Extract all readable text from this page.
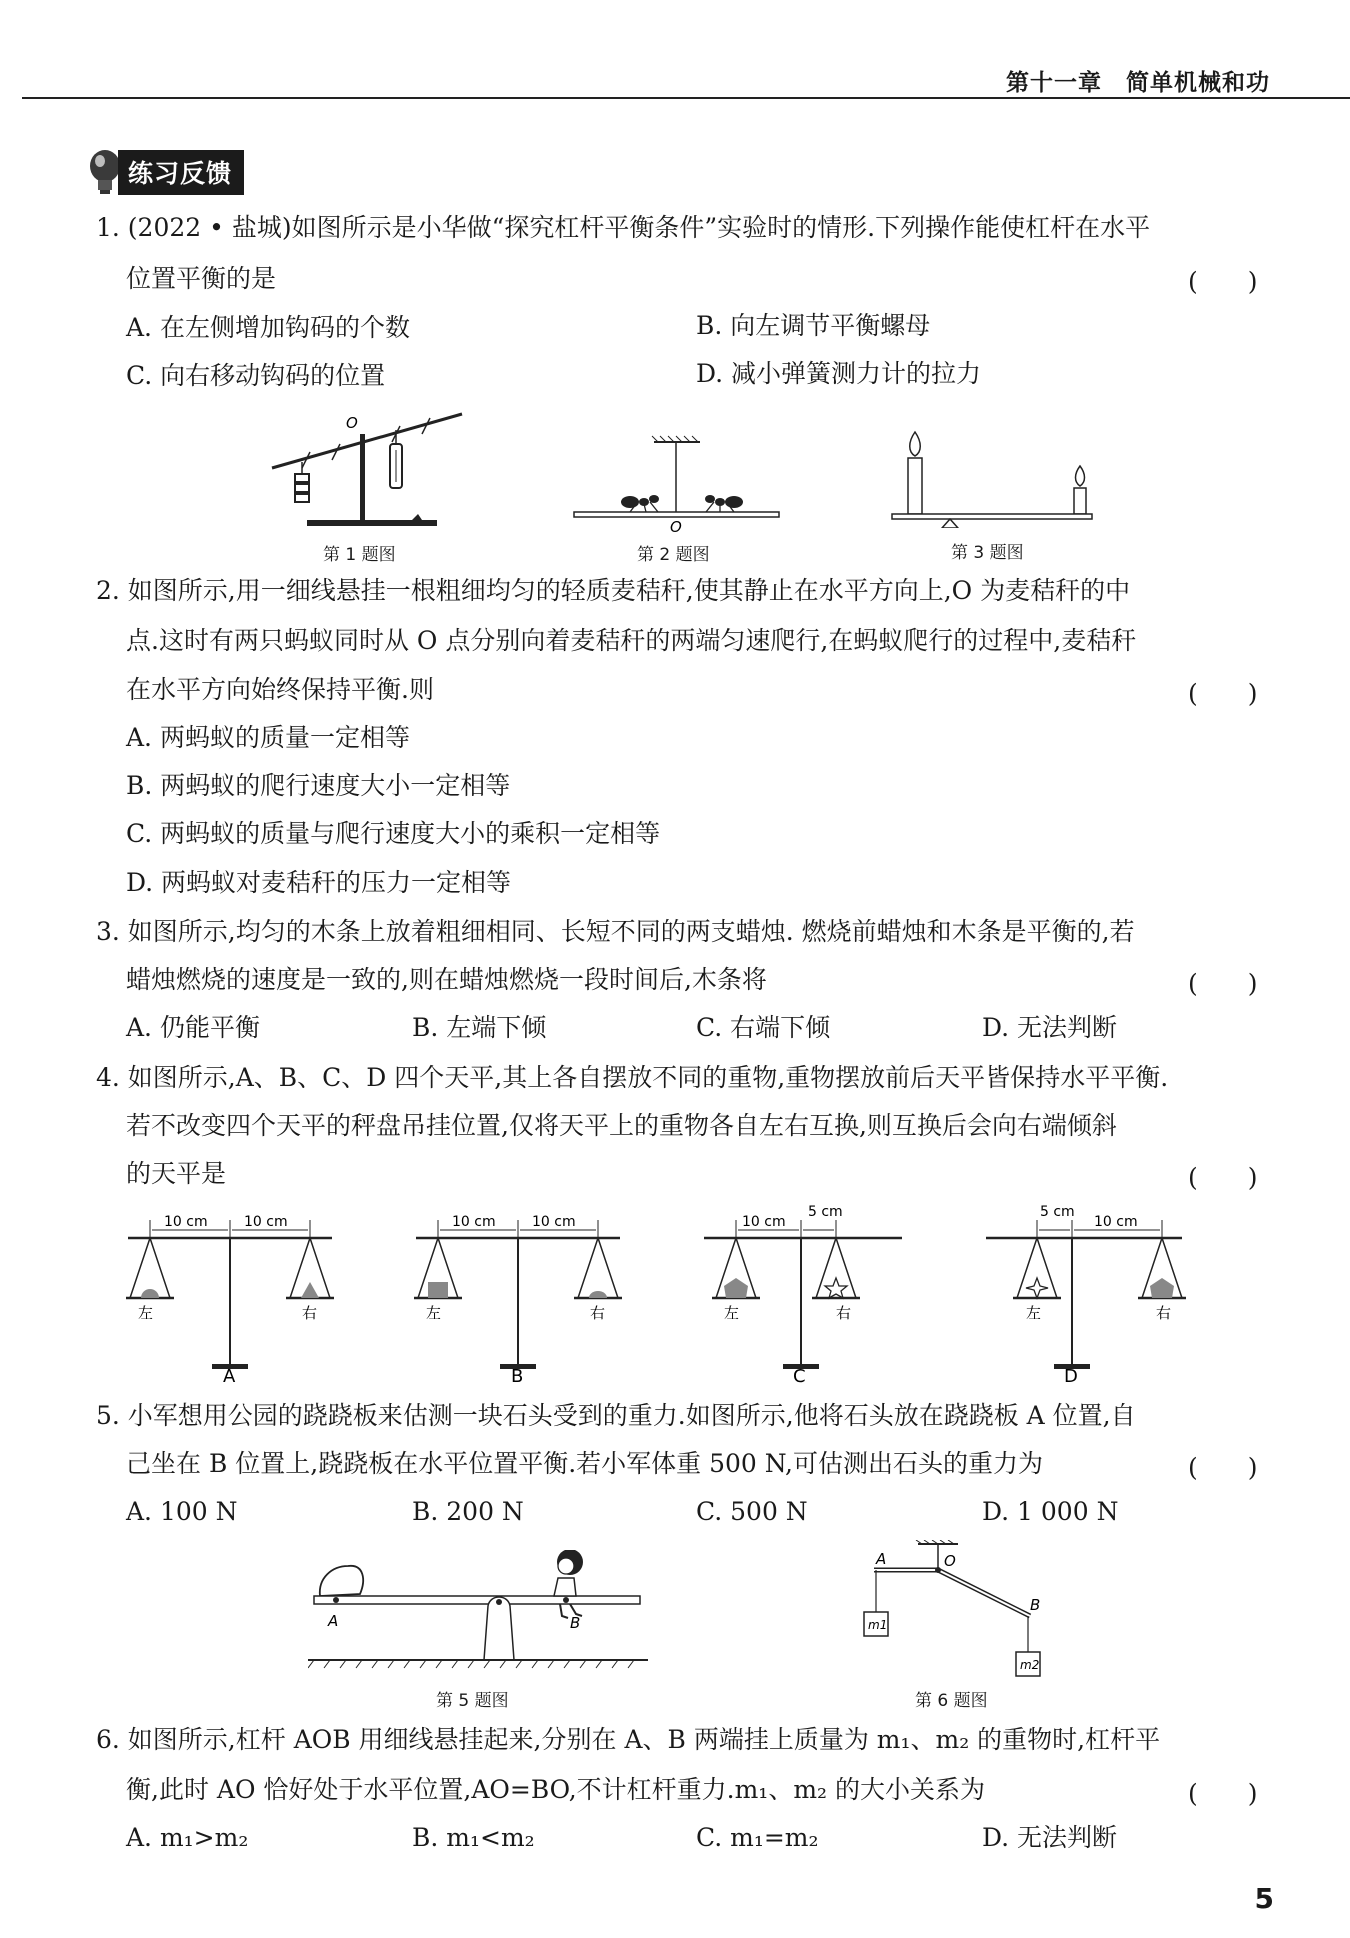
第十一章　简单机械和功
练习反馈
1. (2022 • 盐城)如图所示是小华做“探究杠杆平衡条件”实验时的情形.下列操作能使杠杆在水平
位置平衡的是	(　　)
A. 在左侧增加钩码的个数	B. 向左调节平衡螺母
C. 向右移动钩码的位置	D. 减小弹簧测力计的拉力
O
第 1 题图
O
第 2 题图	第 3 题图
2. 如图所示,用一细线悬挂一根粗细均匀的轻质麦秸秆,使其静止在水平方向上,O 为麦秸秆的中
点.这时有两只蚂蚁同时从 O 点分别向着麦秸秆的两端匀速爬行,在蚂蚁爬行的过程中,麦秸秆
在水平方向始终保持平衡.则	(　　)
A. 两蚂蚁的质量一定相等
B. 两蚂蚁的爬行速度大小一定相等
C. 两蚂蚁的质量与爬行速度大小的乘积一定相等
D. 两蚂蚁对麦秸秆的压力一定相等
3. 如图所示,均匀的木条上放着粗细相同、长短不同的两支蜡烛. 燃烧前蜡烛和木条是平衡的,若
蜡烛燃烧的速度是一致的,则在蜡烛燃烧一段时间后,木条将	(　　)
A. 仍能平衡	B. 左端下倾	C. 右端下倾	D. 无法判断
4. 如图所示,A、B、C、D 四个天平,其上各自摆放不同的重物,重物摆放前后天平皆保持水平平衡.
若不改变四个天平的秤盘吊挂位置,仅将天平上的重物各自左右互换,则互换后会向右端倾斜
的天平是	(　　)
10 cm	10 cm
左	右
A
10 cm	10 cm
左	右
B
10 cm
5 cm
左	右
C
5 cm
10 cm
左	右
D
5. 小军想用公园的跷跷板来估测一块石头受到的重力.如图所示,他将石头放在跷跷板 A 位置,自
己坐在 B 位置上,跷跷板在水平位置平衡.若小军体重 500 N,可估测出石头的重力为	(　　)
A. 100 N	B. 200 N	C. 500 N	D. 1 000 N
A	B
第 5 题图
A	O
B
m1
m2
第 6 题图
6. 如图所示,杠杆 AOB 用细线悬挂起来,分别在 A、B 两端挂上质量为 m₁、m₂ 的重物时,杠杆平
衡,此时 AO 恰好处于水平位置,AO=BO,不计杠杆重力.m₁、m₂ 的大小关系为	(　　)
A. m₁>m₂	B. m₁<m₂	C. m₁=m₂	D. 无法判断
5
